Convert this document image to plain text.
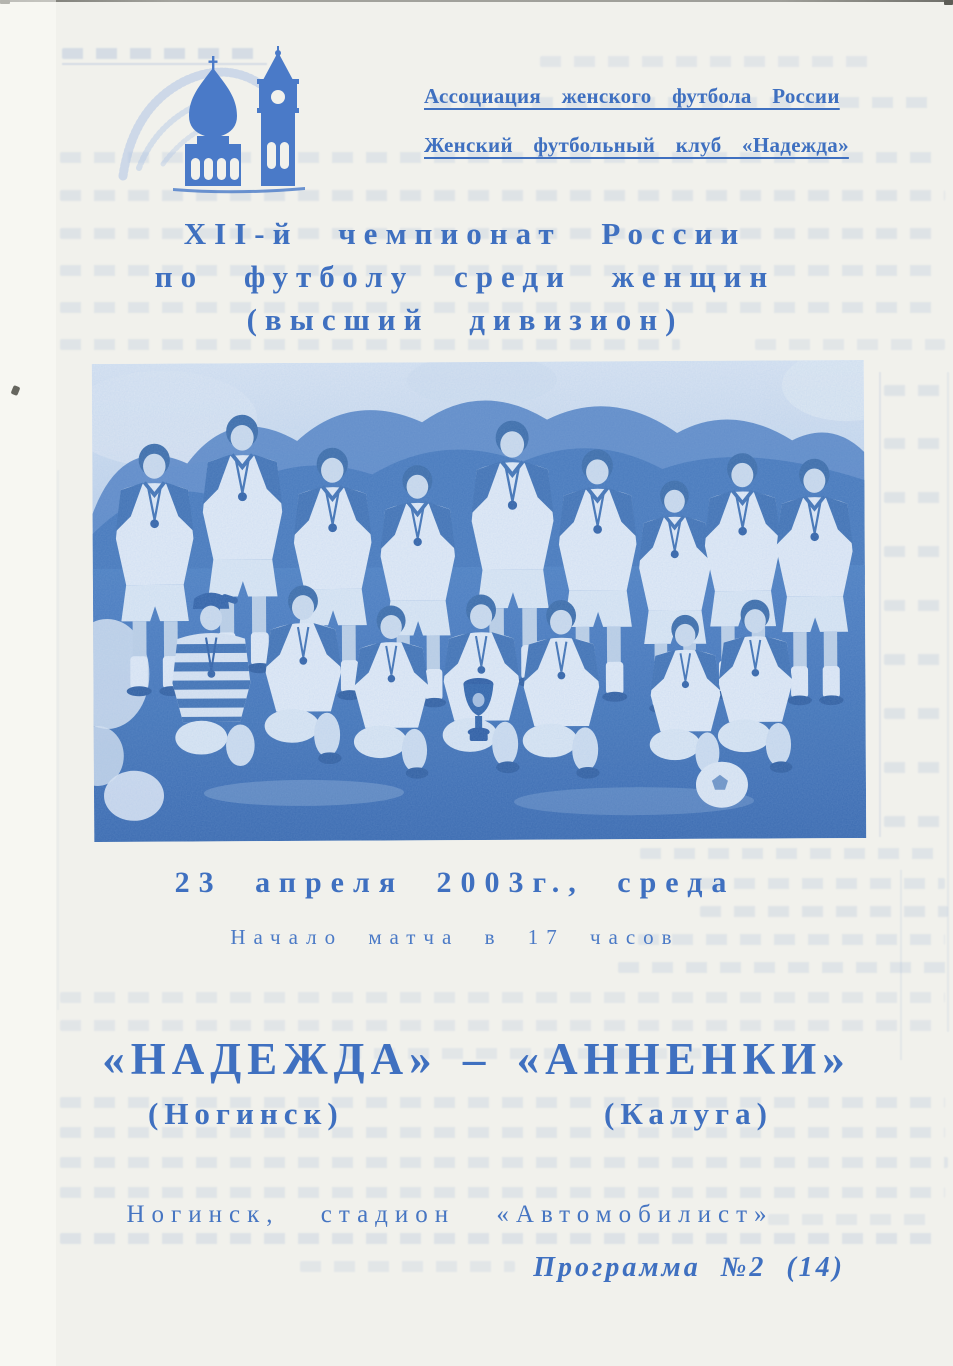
Ассоциация женского футбола России
Женский футбольный клуб «Надежда»
XII-й чемпионат России
по футболу среди женщин
(высший дивизион)
23 апреля 2003г., среда
Начало матча в 17 часов
«НАДЕЖДА» – «АННЕНКИ»
(Ногинск)	(Калуга)
Ногинск, стадион «Автомобилист»
Программа №2 (14)
